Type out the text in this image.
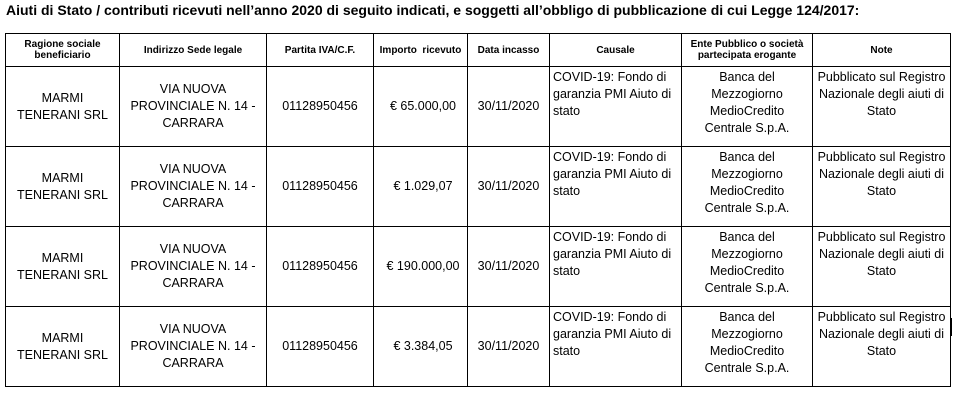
Aiuti di Stato / contributi ricevuti nell’anno 2020 di seguito indicati, e soggetti all’obbligo di pubblicazione di cui Legge 124/2017:
Ragione sociale beneficiario	Indirizzo Sede legale	Partita IVA/C.F.	Importo  ricevuto	Data incasso	Causale	Ente Pubblico o società partecipata erogante	Note
MARMI TENERANI SRL	VIA NUOVA PROVINCIALE N. 14 - CARRARA	01128950456	€ 65.000,00	30/11/2020	COVID-19: Fondo di garanzia PMI Aiuto di stato	Banca del Mezzogiorno MedioCredito Centrale S.p.A.	Pubblicato sul Registro Nazionale degli aiuti di Stato
MARMI TENERANI SRL	VIA NUOVA PROVINCIALE N. 14 - CARRARA	01128950456	€ 1.029,07	30/11/2020	COVID-19: Fondo di garanzia PMI Aiuto di stato	Banca del Mezzogiorno MedioCredito Centrale S.p.A.	Pubblicato sul Registro Nazionale degli aiuti di Stato
MARMI TENERANI SRL	VIA NUOVA PROVINCIALE N. 14 - CARRARA	01128950456	€ 190.000,00	30/11/2020	COVID-19: Fondo di garanzia PMI Aiuto di stato	Banca del Mezzogiorno MedioCredito Centrale S.p.A.	Pubblicato sul Registro Nazionale degli aiuti di Stato
MARMI TENERANI SRL	VIA NUOVA PROVINCIALE N. 14 - CARRARA	01128950456	€ 3.384,05	30/11/2020	COVID-19: Fondo di garanzia PMI Aiuto di stato	Banca del Mezzogiorno MedioCredito Centrale S.p.A.	Pubblicato sul Registro Nazionale degli aiuti di Stato
